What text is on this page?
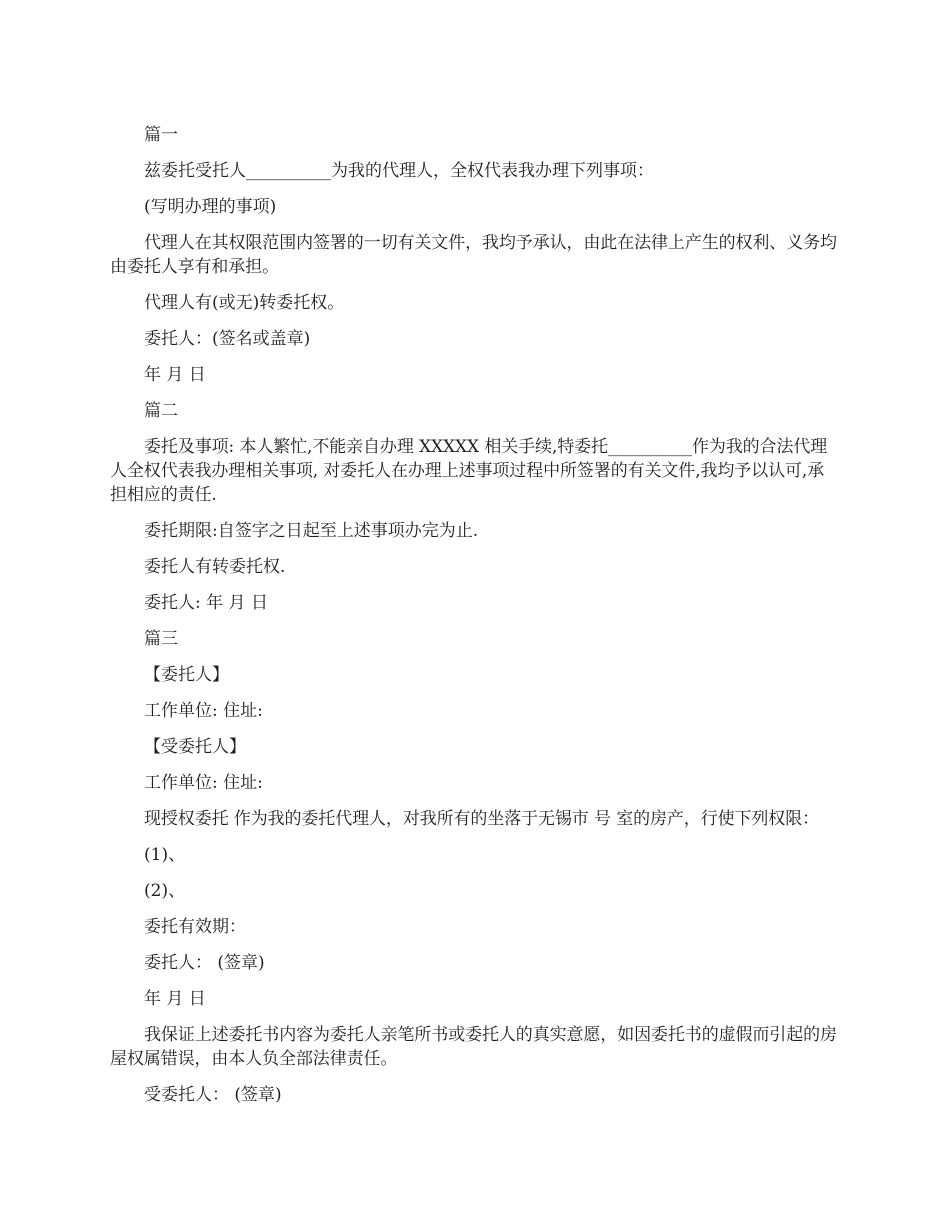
篇一

兹委托受托人__________为我的代理人，全权代表我办理下列事项：

(写明办理的事项)

代理人在其权限范围内签署的一切有关文件，我均予承认，由此在法律上产生的权利、义务均由委托人享有和承担。

代理人有(或无)转委托权。

委托人：(签名或盖章)

年 月 日

篇二

委托及事项: 本人繁忙,不能亲自办理 XXXXX 相关手续,特委托__________作为我的合法代理人全权代表我办理相关事项, 对委托人在办理上述事项过程中所签署的有关文件,我均予以认可,承担相应的责任.

委托期限:自签字之日起至上述事项办完为止.

委托人有转委托权.

委托人: 年 月 日

篇三

【委托人】

工作单位: 住址:

【受委托人】

工作单位: 住址:

现授权委托 作为我的委托代理人，对我所有的坐落于无锡市 号 室的房产，行使下列权限：

(1)、

(2)、

委托有效期：

委托人： (签章)

年 月 日

我保证上述委托书内容为委托人亲笔所书或委托人的真实意愿，如因委托书的虚假而引起的房屋权属错误，由本人负全部法律责任。

受委托人： (签章)
